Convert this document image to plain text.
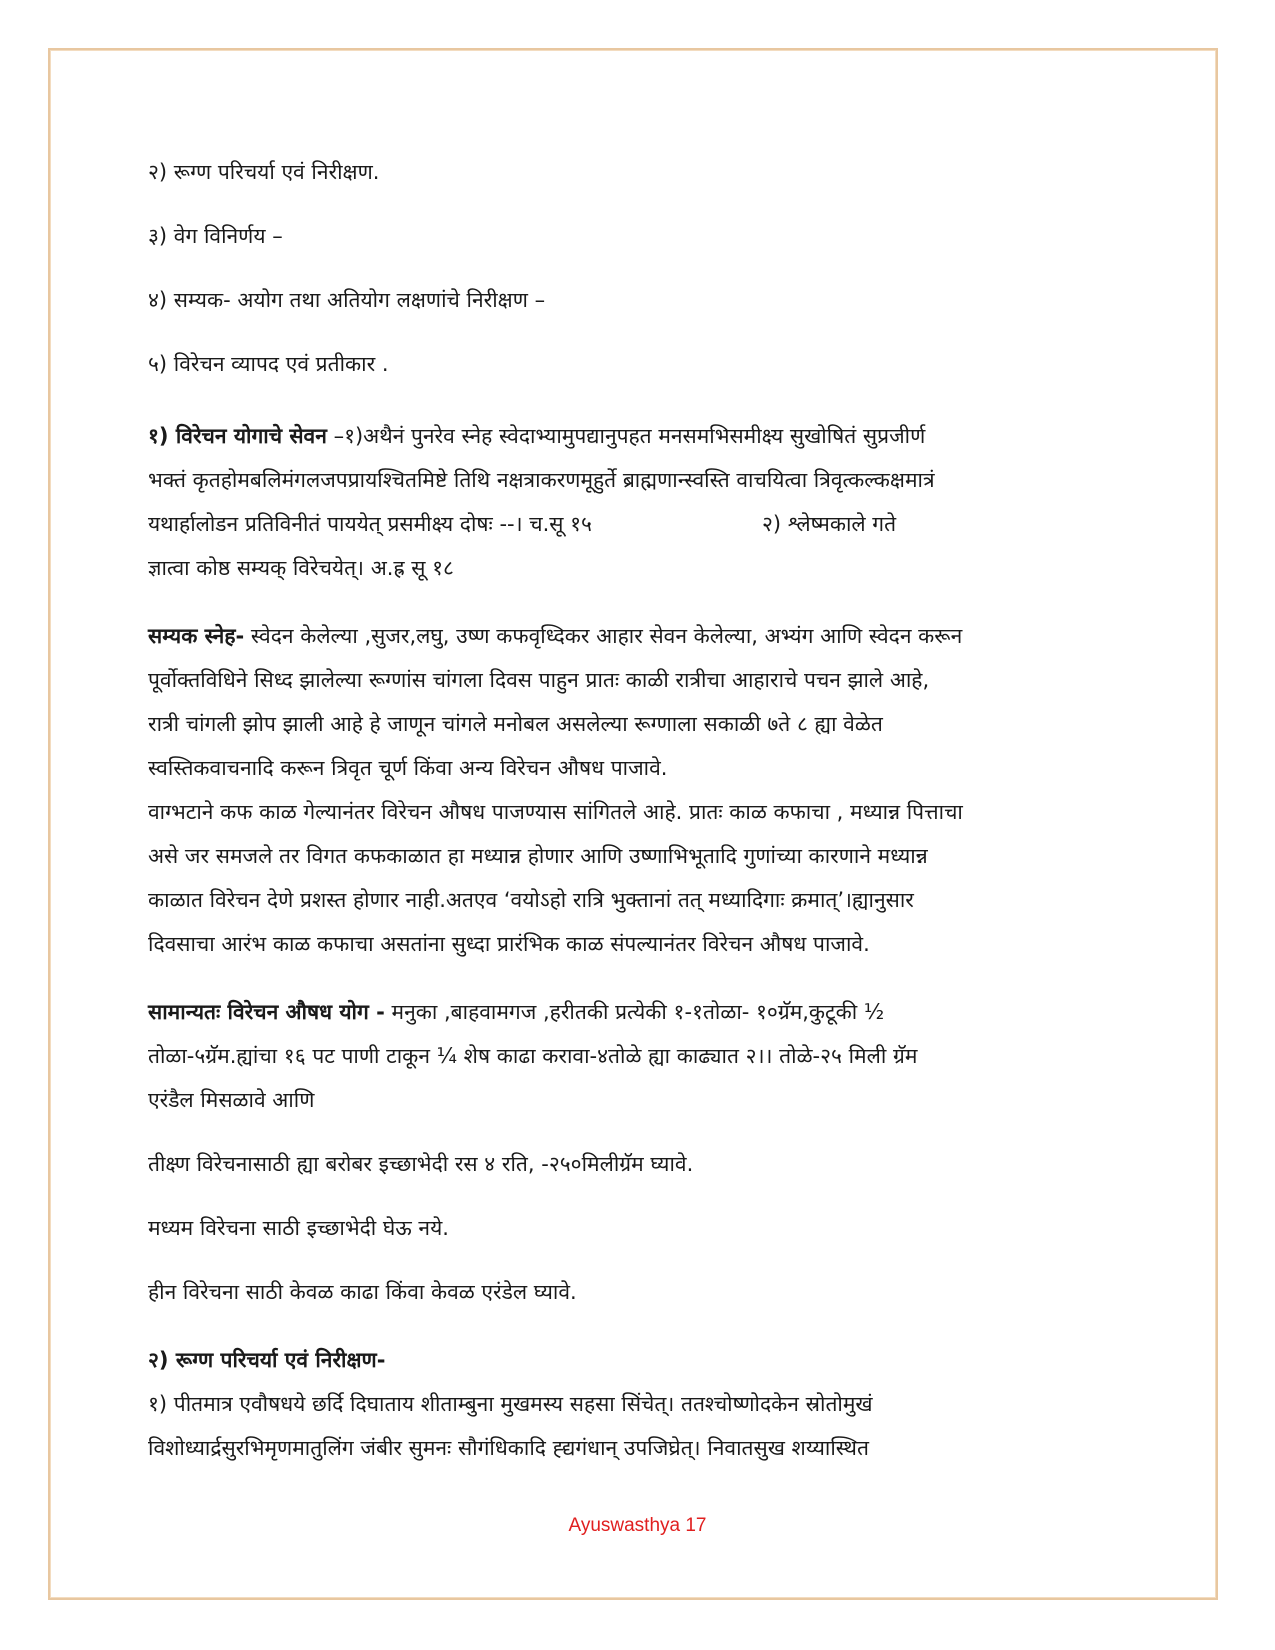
२) रूग्ण परिचर्या एवं निरीक्षण.

३) वेग विनिर्णय –

४) सम्यक- अयोग तथा अतियोग लक्षणांचे निरीक्षण –

५) विरेचन व्यापद एवं प्रतीकार .

१) विरेचन योगाचे सेवन –१)अथैनं पुनरेव स्नेह स्वेदाभ्यामुपद्यानुपहत मनसमभिसमीक्ष्य सुखोषितं सुप्रजीर्ण

भक्तं कृतहोमबलिमंगलजपप्रायश्चितमिष्टे तिथि नक्षत्राकरणमूहुर्ते ब्राह्मणान्स्वस्ति वाचयित्वा त्रिवृत्कल्कक्षमात्रं

यथार्हालोडन प्रतिविनीतं पाययेत् प्रसमीक्ष्य दोषः --। च.सू १५	२) श्लेष्मकाले गते

ज्ञात्वा कोष्ठ सम्यक् विरेचयेत्। अ.ह्र सू १८

सम्यक स्नेह- स्वेदन केलेल्या ,सुजर,लघु, उष्ण कफवृध्दिकर आहार सेवन केलेल्या, अभ्यंग आणि स्वेदन करून

पूर्वोक्तविधिने सिध्द झालेल्या रूग्णांस चांगला दिवस पाहुन प्रातः काळी रात्रीचा आहाराचे पचन झाले आहे,

रात्री चांगली झोप झाली आहे हे जाणून चांगले मनोबल असलेल्या रूग्णाला सकाळी ७ते ८ ह्या वेळेत

स्वस्तिकवाचनादि करून त्रिवृत चूर्ण किंवा अन्य विरेचन औषध पाजावे.

वाग्भटाने कफ काळ गेल्यानंतर विरेचन औषध पाजण्यास सांगितले आहे. प्रातः काळ कफाचा , मध्यान्न पित्ताचा

असे जर समजले तर विगत कफकाळात हा मध्यान्न होणार आणि उष्णाभिभूतादि गुणांच्या कारणाने मध्यान्न

काळात विरेचन देणे प्रशस्त होणार नाही.अतएव ‘वयोऽहो रात्रि भुक्तानां तत् मध्यादिगाः क्रमात्’।ह्यानुसार

दिवसाचा आरंभ काळ कफाचा असतांना सुध्दा प्रारंभिक काळ संपल्यानंतर विरेचन औषध पाजावे.

सामान्यतः विरेचन औषध योग - मनुका ,बाहवामगज ,हरीतकी प्रत्येकी १-१तोळा- १०ग्रॅम,कुटूकी ½

तोळा-५ग्रॅम.ह्यांचा १६ पट पाणी टाकून ¼ शेष काढा करावा-४तोळे ह्या काढ्यात २।। तोळे-२५ मिली ग्रॅम

एरंडैल मिसळावे आणि

तीक्ष्ण विरेचनासाठी ह्या बरोबर इच्छाभेदी रस ४ रति, -२५०मिलीग्रॅम घ्यावे.

मध्यम विरेचना साठी इच्छाभेदी घेऊ नये.

हीन विरेचना साठी केवळ काढा किंवा केवळ एरंडेल घ्यावे.

२) रूग्ण परिचर्या एवं निरीक्षण-

१) पीतमात्र एवौषधये छर्दि दिघाताय शीताम्बुना मुखमस्य सहसा सिंचेत्। ततश्चोष्णोदकेन स्रोतोमुखं

विशोध्यार्द्रसुरभिमृणमातुलिंग जंबीर सुमनः सौगंधिकादि ह्द्यगंधान् उपजिघ्रेत्। निवातसुख शय्यास्थित

Ayuswasthya 17
